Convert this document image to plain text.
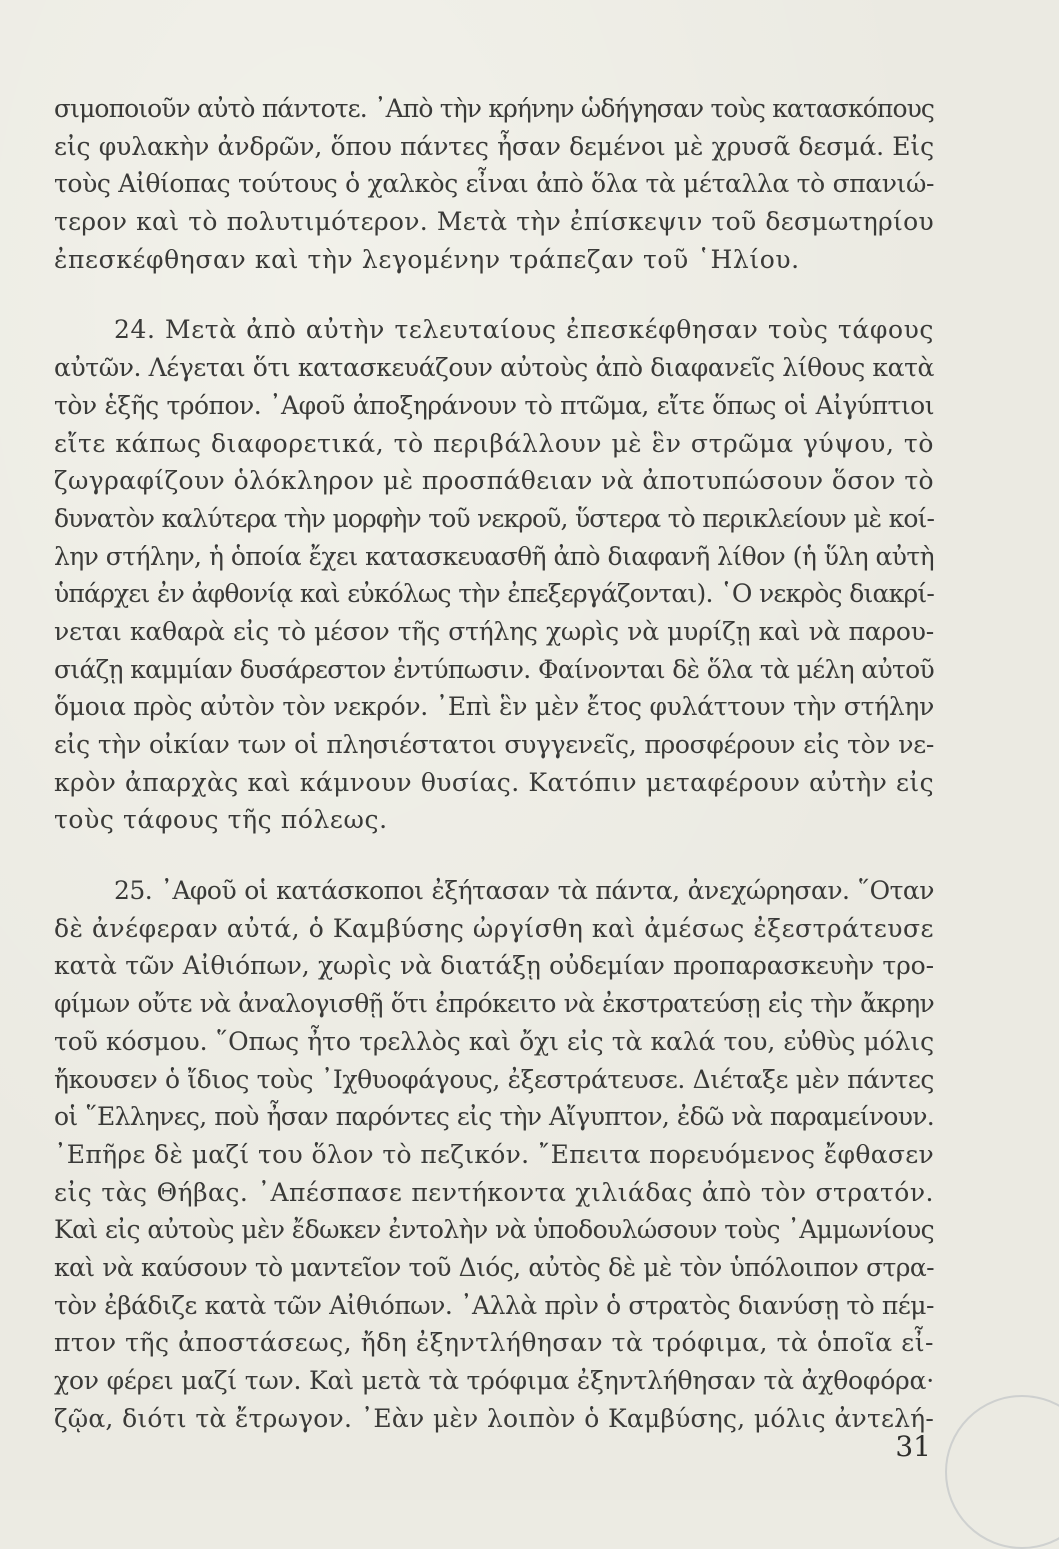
σιμοποιοῦν αὐτὸ πάντοτε. ᾿Απὸ τὴν κρήνην ὡδήγησαν τοὺς κατασκόπους
εἰς φυλακὴν ἀνδρῶν, ὅπου πάντες ἦσαν δεμένοι μὲ χρυσᾶ δεσμά. Εἰς
τοὺς Αἰθίοπας τούτους ὁ χαλκὸς εἶναι ἀπὸ ὅλα τὰ μέταλλα τὸ σπανιώ-
τερον καὶ τὸ πολυτιμότερον. Μετὰ τὴν ἐπίσκεψιν τοῦ δεσμωτηρίου
ἐπεσκέφθησαν καὶ τὴν λεγομένην τράπεζαν τοῦ ῾Ηλίου.
24. Μετὰ ἀπὸ αὐτὴν τελευταίους ἐπεσκέφθησαν τοὺς τάφους
αὐτῶν. Λέγεται ὅτι κατασκευάζουν αὐτοὺς ἀπὸ διαφανεῖς λίθους κατὰ
τὸν ἑξῆς τρόπον. ᾿Αφοῦ ἀποξηράνουν τὸ πτῶμα, εἴτε ὅπως οἱ Αἰγύπτιοι
εἴτε κάπως διαφορετικά, τὸ περιβάλλουν μὲ ἓν στρῶμα γύψου, τὸ
ζωγραφίζουν ὁλόκληρον μὲ προσπάθειαν νὰ ἀποτυπώσουν ὅσον τὸ
δυνατὸν καλύτερα τὴν μορφὴν τοῦ νεκροῦ, ὕστερα τὸ περικλείουν μὲ κοί-
λην στήλην, ἡ ὁποία ἔχει κατασκευασθῆ ἀπὸ διαφανῆ λίθον (ἡ ὕλη αὐτὴ
ὑπάρχει ἐν ἀφθονίᾳ καὶ εὐκόλως τὴν ἐπεξεργάζονται). ῾Ο νεκρὸς διακρί-
νεται καθαρὰ εἰς τὸ μέσον τῆς στήλης χωρὶς νὰ μυρίζῃ καὶ νὰ παρου-
σιάζῃ καμμίαν δυσάρεστον ἐντύπωσιν. Φαίνονται δὲ ὅλα τὰ μέλη αὐτοῦ
ὅμοια πρὸς αὐτὸν τὸν νεκρόν. ᾿Επὶ ἓν μὲν ἔτος φυλάττουν τὴν στήλην
εἰς τὴν οἰκίαν των οἱ πλησιέστατοι συγγενεῖς, προσφέρουν εἰς τὸν νε-
κρὸν ἀπαρχὰς καὶ κάμνουν θυσίας. Κατόπιν μεταφέρουν αὐτὴν εἰς
τοὺς τάφους τῆς πόλεως.
25. ᾿Αφοῦ οἱ κατάσκοποι ἐξήτασαν τὰ πάντα, ἀνεχώρησαν. ῞Οταν
δὲ ἀνέφεραν αὐτά, ὁ Καμβύσης ὠργίσθη καὶ ἀμέσως ἐξεστράτευσε
κατὰ τῶν Αἰθιόπων, χωρὶς νὰ διατάξῃ οὐδεμίαν προπαρασκευὴν τρο-
φίμων οὔτε νὰ ἀναλογισθῇ ὅτι ἐπρόκειτο νὰ ἐκστρατεύσῃ εἰς τὴν ἄκρην
τοῦ κόσμου. ῞Οπως ἦτο τρελλὸς καὶ ὄχι εἰς τὰ καλά του, εὐθὺς μόλις
ἤκουσεν ὁ ἴδιος τοὺς ᾿Ιχθυοφάγους, ἐξεστράτευσε. Διέταξε μὲν πάντες
οἱ ῞Ελληνες, ποὺ ἦσαν παρόντες εἰς τὴν Αἴγυπτον, ἐδῶ νὰ παραμείνουν.
᾿Επῆρε δὲ μαζί του ὅλον τὸ πεζικόν. ῎Επειτα πορευόμενος ἔφθασεν
εἰς τὰς Θήβας. ᾿Απέσπασε πεντήκοντα χιλιάδας ἀπὸ τὸν στρατόν.
Καὶ εἰς αὐτοὺς μὲν ἔδωκεν ἐντολὴν νὰ ὑποδουλώσουν τοὺς ᾿Αμμωνίους
καὶ νὰ καύσουν τὸ μαντεῖον τοῦ Διός, αὐτὸς δὲ μὲ τὸν ὑπόλοιπον στρα-
τὸν ἐβάδιζε κατὰ τῶν Αἰθιόπων. ᾿Αλλὰ πρὶν ὁ στρατὸς διανύσῃ τὸ πέμ-
πτον τῆς ἀποστάσεως, ἤδη ἐξηντλήθησαν τὰ τρόφιμα, τὰ ὁποῖα εἶ-
χον φέρει μαζί των. Καὶ μετὰ τὰ τρόφιμα ἐξηντλήθησαν τὰ ἀχθοφόρα·
ζῷα, διότι τὰ ἔτρωγον. ᾿Εὰν μὲν λοιπὸν ὁ Καμβύσης, μόλις ἀντελή-
31
